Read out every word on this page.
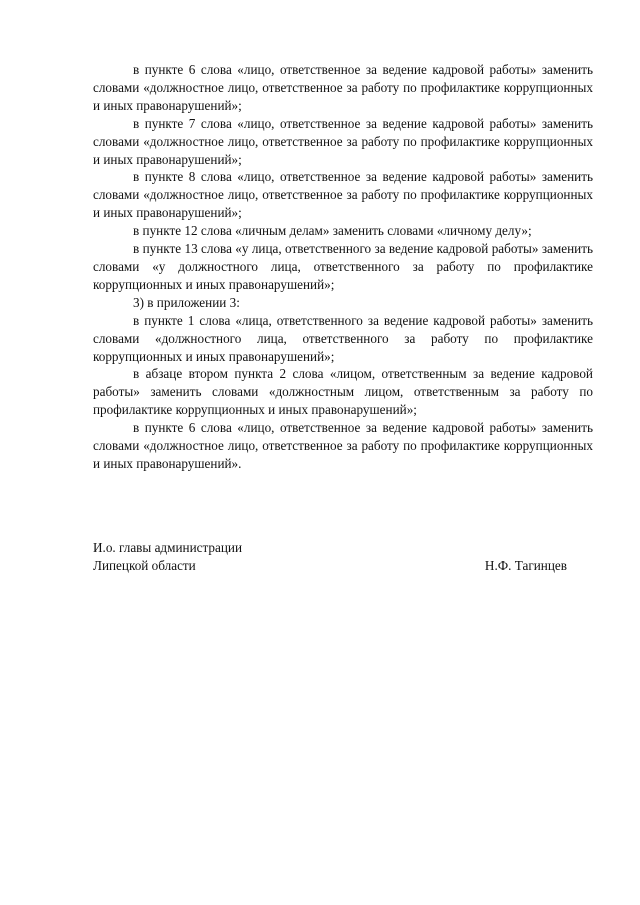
в пункте 6 слова «лицо, ответственное за ведение кадровой работы» заменить словами «должностное лицо, ответственное за работу по профилактике коррупционных и иных правонарушений»;

в пункте 7 слова «лицо, ответственное за ведение кадровой работы» заменить словами «должностное лицо, ответственное за работу по профилактике коррупционных и иных правонарушений»;

в пункте 8 слова «лицо, ответственное за ведение кадровой работы» заменить словами «должностное лицо, ответственное за работу по профилактике коррупционных и иных правонарушений»;

в пункте 12 слова «личным делам» заменить словами «личному делу»;

в пункте 13 слова «у лица, ответственного за ведение кадровой работы» заменить словами «у должностного лица, ответственного за работу по профилактике коррупционных и иных правонарушений»;

3) в приложении 3:

в пункте 1 слова «лица, ответственного за ведение кадровой работы» заменить словами «должностного лица, ответственного за работу по профилактике коррупционных и иных правонарушений»;

в абзаце втором пункта 2 слова «лицом, ответственным за ведение кадровой работы» заменить словами «должностным лицом, ответственным за работу по профилактике коррупционных и иных правонарушений»;

в пункте 6 слова «лицо, ответственное за ведение кадровой работы» заменить словами «должностное лицо, ответственное за работу по профилактике коррупционных и иных правонарушений».

И.о. главы администрации
Липецкой области	Н.Ф. Тагинцев
